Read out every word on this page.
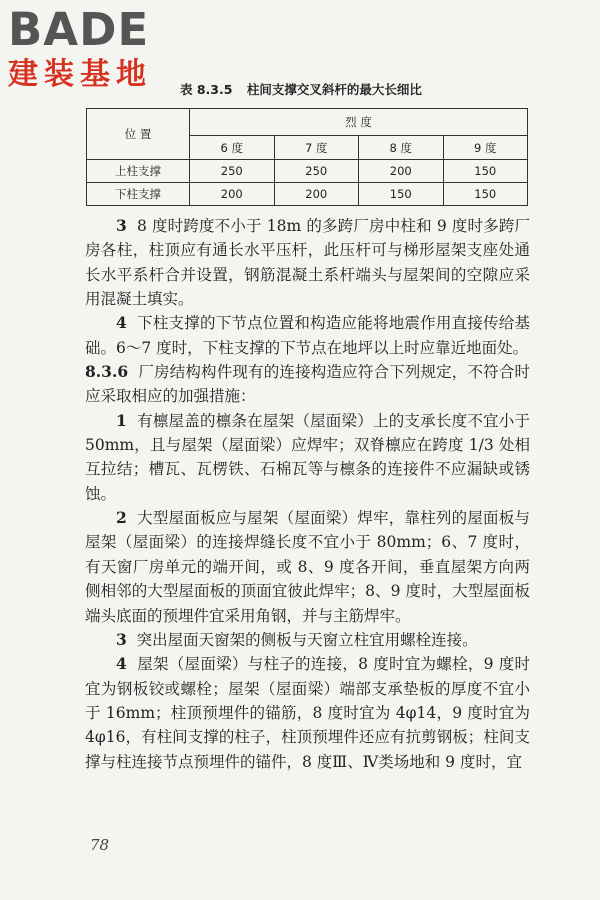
BADE
建装基地	表 8.3.5 柱间支撑交叉斜杆的最大长细比
位 置	烈 度			
	6 度	7 度	8 度	9 度
上柱支撑	250	250	200	150
下柱支撑	200	200	150	150

3 8 度时跨度不小于 18m 的多跨厂房中柱和 9 度时多跨厂房各柱，柱顶应有通长水平压杆，此压杆可与梯形屋架支座处通长水平系杆合并设置，钢筋混凝土系杆端头与屋架间的空隙应采用混凝土填实。

4 下柱支撑的下节点位置和构造应能将地震作用直接传给基础。6～7 度时，下柱支撑的下节点在地坪以上时应靠近地面处。

8.3.6 厂房结构构件现有的连接构造应符合下列规定，不符合时应采取相应的加强措施：

1 有檩屋盖的檩条在屋架（屋面梁）上的支承长度不宜小于 50mm，且与屋架（屋面梁）应焊牢；双脊檩应在跨度 1/3 处相互拉结；槽瓦、瓦楞铁、石棉瓦等与檩条的连接件不应漏缺或锈蚀。

2 大型屋面板应与屋架（屋面梁）焊牢，靠柱列的屋面板与屋架（屋面梁）的连接焊缝长度不宜小于 80mm；6、7 度时，有天窗厂房单元的端开间，或 8、9 度各开间，垂直屋架方向两侧相邻的大型屋面板的顶面宜彼此焊牢；8、9 度时，大型屋面板端头底面的预埋件宜采用角钢，并与主筋焊牢。

3 突出屋面天窗架的侧板与天窗立柱宜用螺栓连接。

4 屋架（屋面梁）与柱子的连接，8 度时宜为螺栓，9 度时宜为钢板铰或螺栓；屋架（屋面梁）端部支承垫板的厚度不宜小于 16mm；柱顶预埋件的锚筋，8 度时宜为 4φ14，9 度时宜为 4φ16，有柱间支撑的柱子，柱顶预埋件还应有抗剪钢板；柱间支撑与柱连接节点预埋件的锚件，8 度Ⅲ、Ⅳ类场地和 9 度时，宜

78
